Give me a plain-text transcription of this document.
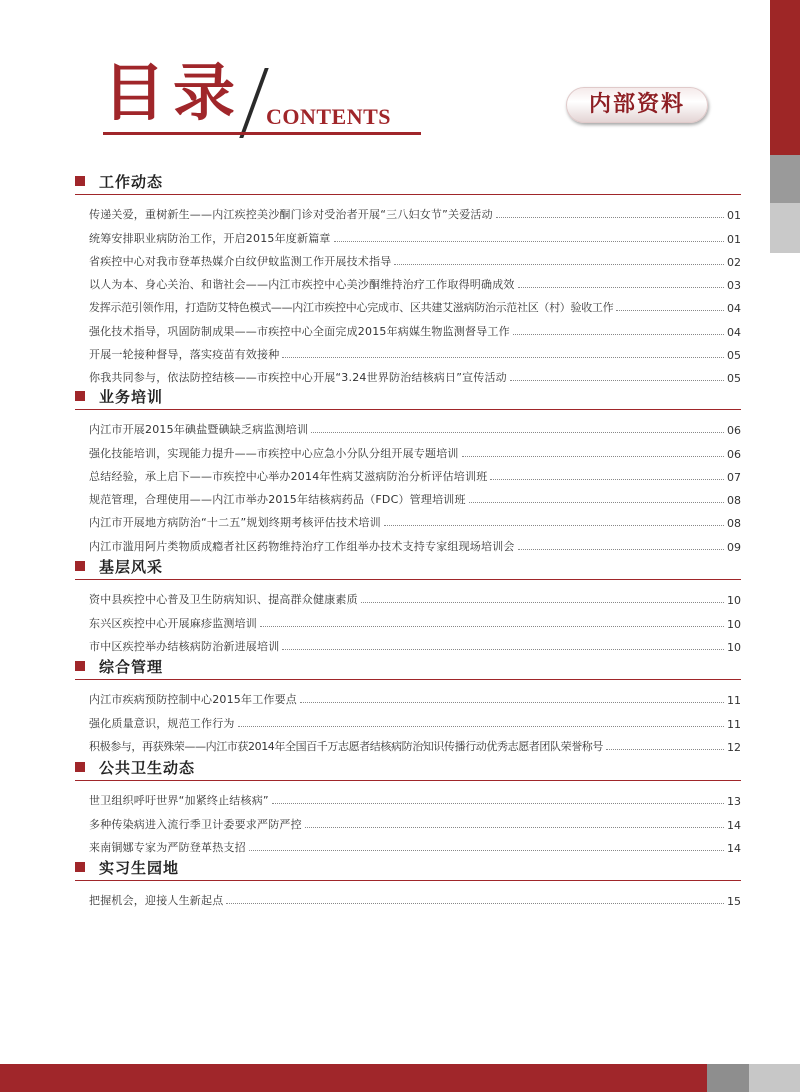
目录 CONTENTS	内部资料
工作动态
传递关爱，重树新生——内江疾控美沙酮门诊对受治者开展“三八妇女节”关爱活动	01
统筹安排职业病防治工作，开启2015年度新篇章	01
省疾控中心对我市登革热媒介白纹伊蚊监测工作开展技术指导	02
以人为本、身心关治、和谐社会——内江市疾控中心美沙酮维持治疗工作取得明确成效	03
发挥示范引领作用，打造防艾特色模式——内江市疾控中心完成市、区共建艾滋病防治示范社区（村）验收工作	04
强化技术指导，巩固防制成果——市疾控中心全面完成2015年病媒生物监测督导工作	04
开展一轮接种督导，落实疫苗有效接种	05
你我共同参与，依法防控结核——市疾控中心开展“3.24世界防治结核病日”宣传活动	05
业务培训
内江市开展2015年碘盐暨碘缺乏病监测培训	06
强化技能培训，实现能力提升——市疾控中心应急小分队分组开展专题培训	06
总结经验，承上启下——市疾控中心举办2014年性病艾滋病防治分析评估培训班	07
规范管理，合理使用——内江市举办2015年结核病药品（FDC）管理培训班	08
内江市开展地方病防治“十二五”规划终期考核评估技术培训	08
内江市滥用阿片类物质成瘾者社区药物维持治疗工作组举办技术支持专家组现场培训会	09
基层风采
资中县疾控中心普及卫生防病知识、提高群众健康素质	10
东兴区疾控中心开展麻疹监测培训	10
市中区疾控举办结核病防治新进展培训	10
综合管理
内江市疾病预防控制中心2015年工作要点	11
强化质量意识，规范工作行为	11
积极参与，再获殊荣——内江市获2014年全国百千万志愿者结核病防治知识传播行动优秀志愿者团队荣誉称号	12
公共卫生动态
世卫组织呼吁世界“加紧终止结核病”	13
多种传染病进入流行季卫计委要求严防严控	14
来南铜娜专家为严防登革热支招	14
实习生园地
把握机会，迎接人生新起点	15
